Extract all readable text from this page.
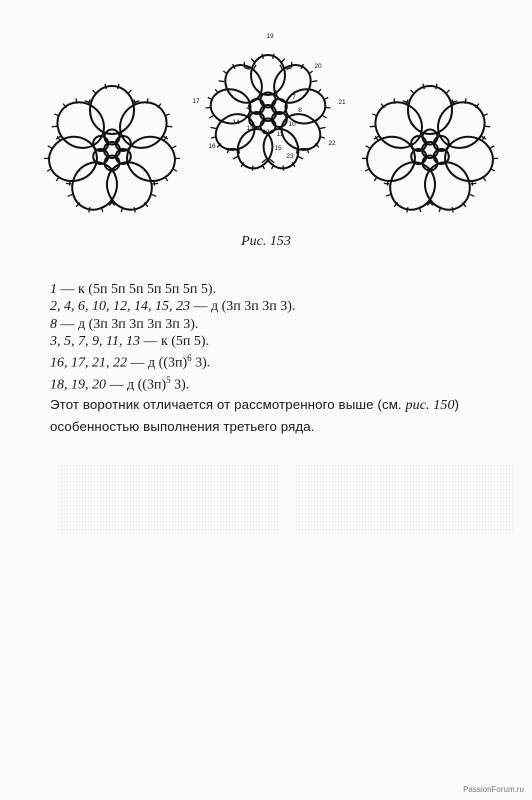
16
17
19
20
21
22
23
4
5 6
7
8
10
11
12
13
14
15
Рис. 153
1 — к (5п 5п 5п 5п 5п 5п 5).
2, 4, 6, 10, 12, 14, 15, 23 — д (3п 3п 3п 3).
8 — д (3п 3п 3п 3п 3п 3).
3, 5, 7, 9, 11, 13 — к (5п 5).
16, 17, 21, 22 — д ($(3п)^6$ 3).
18, 19, 20 — д ($(3п)^5$ 3).
Этот воротник отличается от рассмотренного выше (см. рис. 150) особенностью выполнения третьего ряда.
PassionForum.ru
